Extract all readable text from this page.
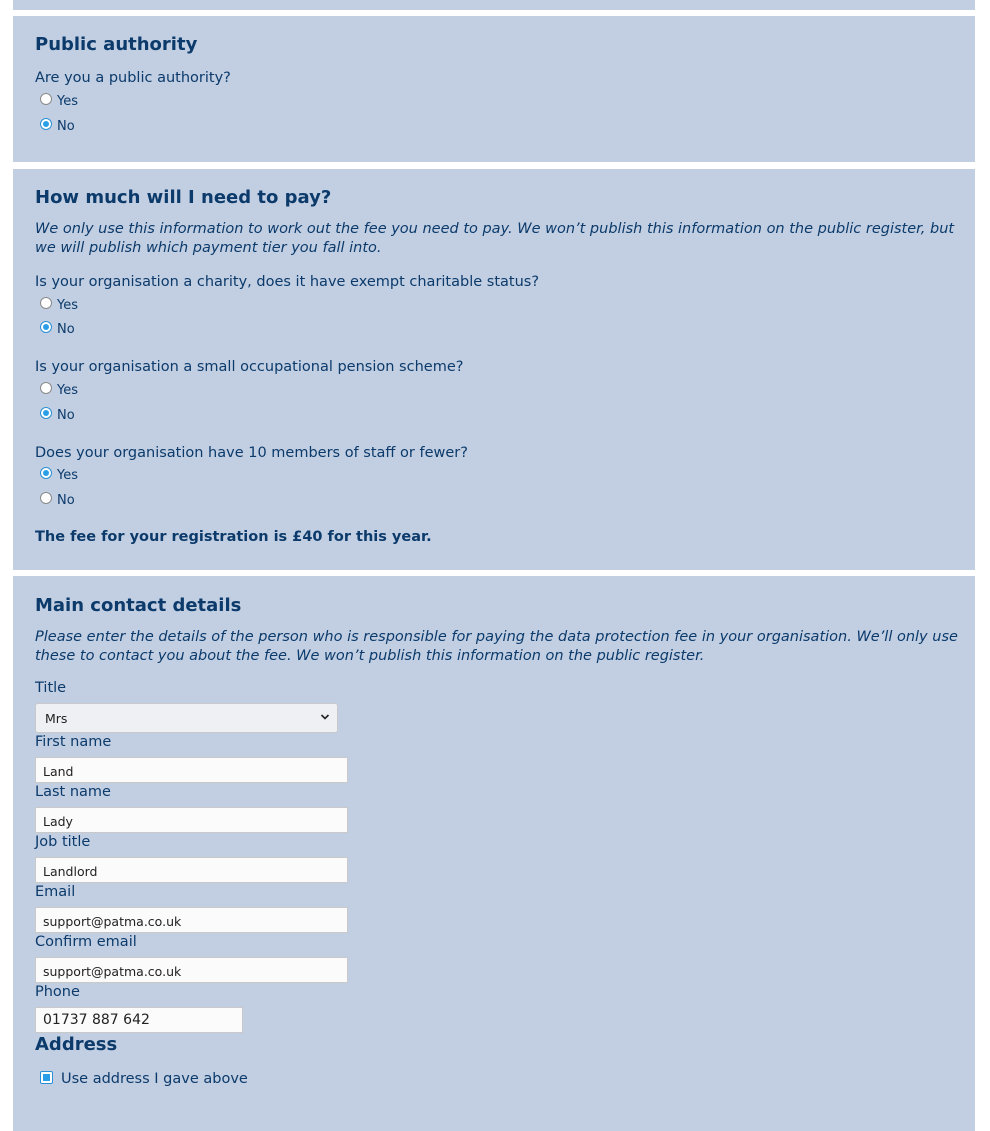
Public authority
Are you a public authority?
Yes
No
How much will I need to pay?
We only use this information to work out the fee you need to pay. We won’t publish this information on the public register, but we will publish which payment tier you fall into.
Is your organisation a charity, does it have exempt charitable status?
Yes
No
Is your organisation a small occupational pension scheme?
Yes
No
Does your organisation have 10 members of staff or fewer?
Yes
No
The fee for your registration is £40 for this year.
Main contact details
Please enter the details of the person who is responsible for paying the data protection fee in your organisation. We’ll only use these to contact you about the fee. We won’t publish this information on the public register.
Title
Mrs
First name
Land
Last name
Lady
Job title
Landlord
Email
support@patma.co.uk
Confirm email
support@patma.co.uk
Phone
01737 887 642
Address
Use address I gave above
